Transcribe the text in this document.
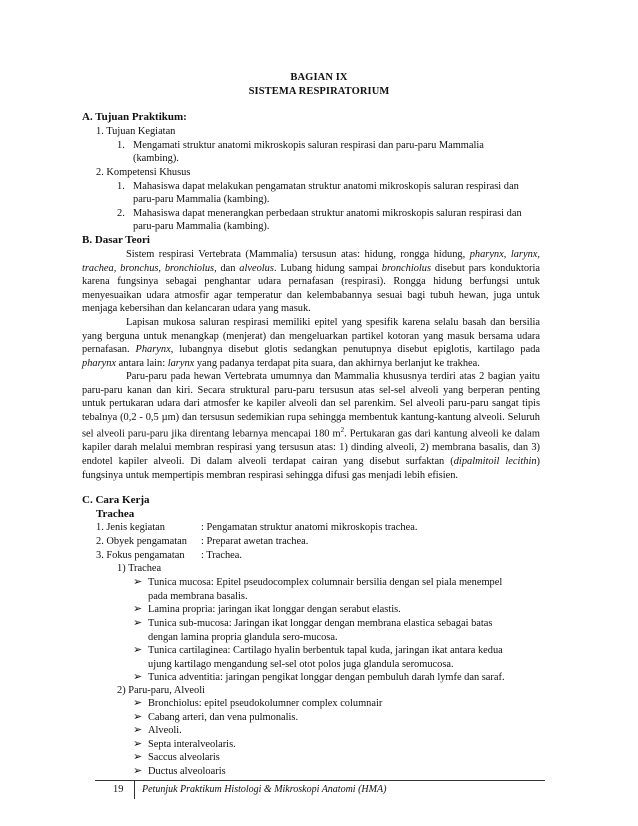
BAGIAN IX
SISTEMA RESPIRATORIUM
A. Tujuan Praktikum:
1. Tujuan Kegiatan
1. Mengamati struktur anatomi mikroskopis saluran respirasi dan paru-paru Mammalia
(kambing).
2. Kompetensi Khusus
1. Mahasiswa dapat melakukan pengamatan struktur anatomi mikroskopis saluran respirasi dan
paru-paru Mammalia (kambing).
2. Mahasiswa dapat menerangkan perbedaan struktur anatomi mikroskopis saluran respirasi dan
paru-paru Mammalia (kambing).
B. Dasar Teori
Sistem respirasi Vertebrata (Mammalia) tersusun atas: hidung, rongga hidung, pharynx, larynx, trachea, bronchus, bronchiolus, dan alveolus. Lubang hidung sampai bronchiolus disebut pars konduktoria karena fungsinya sebagai penghantar udara pernafasan (respirasi). Rongga hidung berfungsi untuk menyesuaikan udara atmosfir agar temperatur dan kelembabannya sesuai bagi tubuh hewan, juga untuk menjaga kebersihan dan kelancaran udara yang masuk.
Lapisan mukosa saluran respirasi memiliki epitel yang spesifik karena selalu basah dan bersilia yang berguna untuk menangkap (menjerat) dan mengeluarkan partikel kotoran yang masuk bersama udara pernafasan. Pharynx, lubangnya disebut glotis sedangkan penutupnya disebut epiglotis, kartilago pada pharynx antara lain: larynx yang padanya terdapat pita suara, dan akhirnya berlanjut ke trakhea.
Paru-paru pada hewan Vertebrata umumnya dan Mammalia khususnya terdiri atas 2 bagian yaitu paru-paru kanan dan kiri. Secara struktural paru-paru tersusun atas sel-sel alveoli yang berperan penting untuk pertukaran udara dari atmosfer ke kapiler alveoli dan sel parenkim. Sel alveoli paru-paru sangat tipis tebalnya (0,2 - 0,5 µm) dan tersusun sedemikian rupa sehingga membentuk kantung-kantung alveoli. Seluruh sel alveoli paru-paru jika direntang lebarnya mencapai 180 $m^2$. Pertukaran gas dari kantung alveoli ke dalam kapiler darah melalui membran respirasi yang tersusun atas: 1) dinding alveoli, 2) membrana basalis, dan 3) endotel kapiler alveoli. Di dalam alveoli terdapat cairan yang disebut surfaktan (dipalmitoil lecithin) fungsinya untuk mempertipis membran respirasi sehingga difusi gas menjadi lebih efisien.
C. Cara Kerja
Trachea
1. Jenis kegiatan	: Pengamatan struktur anatomi mikroskopis trachea.
2. Obyek pengamatan : Preparat awetan trachea.
3. Fokus pengamatan : Trachea.
1) Trachea
➢ Tunica mucosa: Epitel pseudocomplex columnair bersilia dengan sel piala menempel
pada membrana basalis.
➢ Lamina propria: jaringan ikat longgar dengan serabut elastis.
➢ Tunica sub-mucosa: Jaringan ikat longgar dengan membrana elastica sebagai batas
dengan lamina propria glandula sero-mucosa.
➢ Tunica cartilaginea: Cartilago hyalin berbentuk tapal kuda, jaringan ikat antara kedua
ujung kartilago mengandung sel-sel otot polos juga glandula seromucosa.
➢ Tunica adventitia: jaringan pengikat longgar dengan pembuluh darah lymfe dan saraf.
2) Paru-paru, Alveoli
➢ Bronchiolus: epitel pseudokolumner complex columnair
➢ Cabang arteri, dan vena pulmonalis.
➢ Alveoli.
➢ Septa interalveolaris.
➢ Saccus alveolaris
19 Petunjuk Praktikum Histologi & Mikroskopi Anatomi (HMA)
➢ Ductus alveoloaris
